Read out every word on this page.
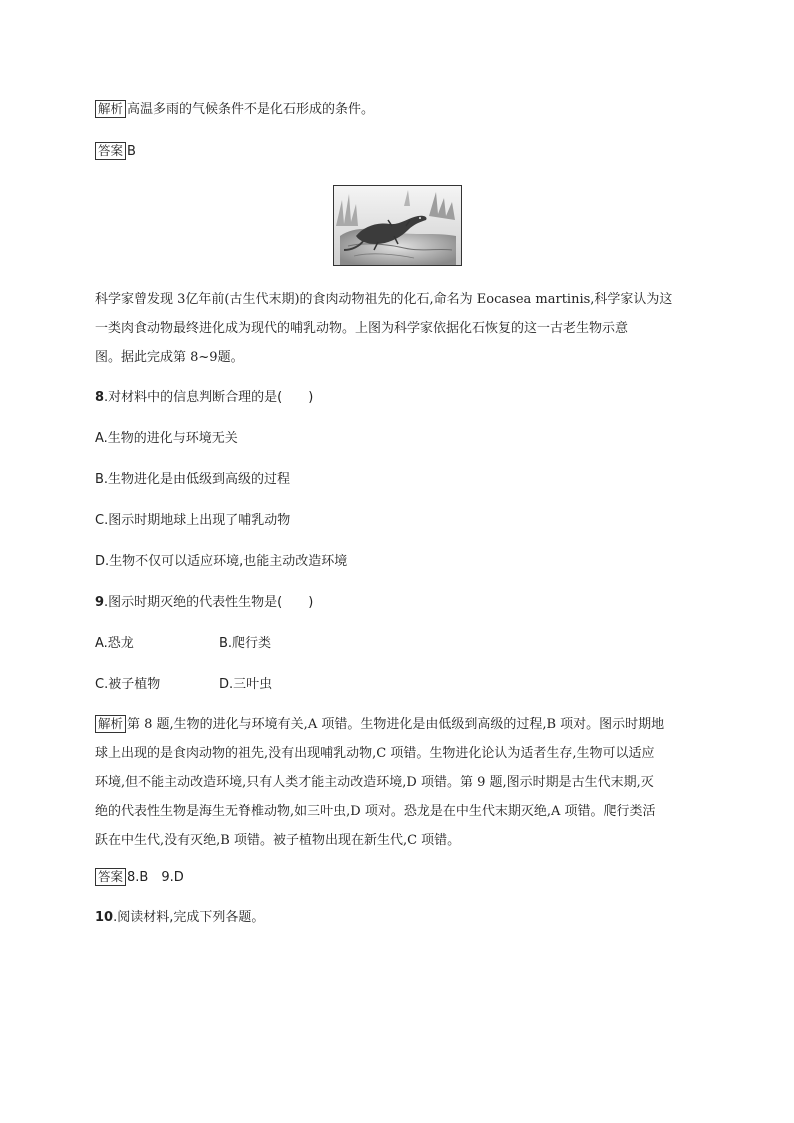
解析 高温多雨的气候条件不是化石形成的条件。
答案 B
科学家曾发现 3亿年前(古生代末期)的食肉动物祖先的化石,命名为 Eocasea martinis,科学家认为这
一类肉食动物最终进化成为现代的哺乳动物。上图为科学家依据化石恢复的这一古老生物示意
图。据此完成第 8~9题。
8.对材料中的信息判断合理的是(　　)
A.生物的进化与环境无关
B.生物进化是由低级到高级的过程
C.图示时期地球上出现了哺乳动物
D.生物不仅可以适应环境,也能主动改造环境
9.图示时期灭绝的代表性生物是(　　)
A.恐龙	B.爬行类
C.被子植物	D.三叶虫
解析 第 8 题,生物的进化与环境有关,A 项错。生物进化是由低级到高级的过程,B 项对。图示时期地
球上出现的是食肉动物的祖先,没有出现哺乳动物,C 项错。生物进化论认为适者生存,生物可以适应
环境,但不能主动改造环境,只有人类才能主动改造环境,D 项错。第 9 题,图示时期是古生代末期,灭
绝的代表性生物是海生无脊椎动物,如三叶虫,D 项对。恐龙是在中生代末期灭绝,A 项错。爬行类活
跃在中生代,没有灭绝,B 项错。被子植物出现在新生代,C 项错。
答案 8.B　9.D
10.阅读材料,完成下列各题。
